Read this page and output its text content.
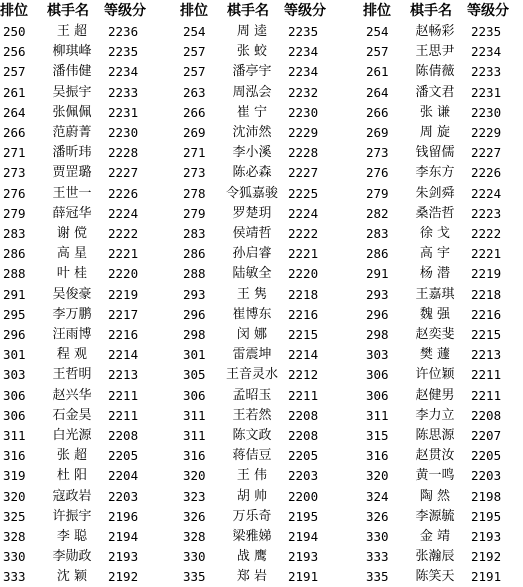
排位	棋手名	等级分
250	王 超	2236
256	柳琪峰	2235
257	潘伟健	2234
261	吴振宇	2233
264	张佩佩	2231
266	范蔚菁	2230
271	潘昕玮	2228
273	贾罡璐	2227
276	王世一	2226
279	薛冠华	2224
283	谢 傥	2222
286	高 星	2221
288	叶 桂	2220
291	吴俊豪	2219
295	李万鹏	2217
296	汪雨博	2216
301	程 观	2214
303	王哲明	2213
306	赵兴华	2211
306	石金昊	2211
311	白光源	2208
316	张 超	2205
319	杜 阳	2204
320	寇政岩	2203
325	许振宇	2196
328	李 聪	2194
330	李勋政	2193
333	沈 颖	2192
排位	棋手名	等级分
254	周 逵	2235
257	张 蛟	2234
257	潘亭宇	2234
263	周泓会	2232
266	崔 宁	2230
269	沈沛然	2229
271	李小溪	2228
273	陈必森	2227
278	令狐嘉骏 2225
279	罗楚玥	2224
283	侯靖哲	2222
286	孙启睿	2221
288	陆敏全	2220
293	王 隽	2218
296	崔博东	2216
298	闵 娜	2215
301	雷震坤	2214
305	王音灵水 2212
306	孟昭玉	2211
311	王若然	2208
311	陈文政	2208
316	蒋佶豆	2205
320	王 伟	2203
323	胡 帅	2200
326	万乐奇	2195
328	梁雅娣	2194
330	战 鹰	2193
335	郑 岩	2191
排位	棋手名	等级分
254	赵畅彩	2235
257	王思尹	2234
261	陈倩薇	2233
264	潘文君	2231
266	张 谦	2230
269	周 旋	2229
273	钱留儒	2227
276	李东方	2226
279	朱剑舜	2224
282	桑浩哲	2223
283	徐 戈	2222
286	高 宇	2221
291	杨 潜	2219
293	王嘉琪	2218
296	魏 强	2216
298	赵奕斐	2215
303	樊 蘧	2213
306	许位颖	2211
306	赵健男	2211
311	李力立	2208
315	陈思源	2207
316	赵贯汝	2205
320	黄一鸣	2203
324	陶 然	2198
326	李源毓	2195
330	金 靖	2193
333	张瀚辰	2192
335	陈笑天	2191
